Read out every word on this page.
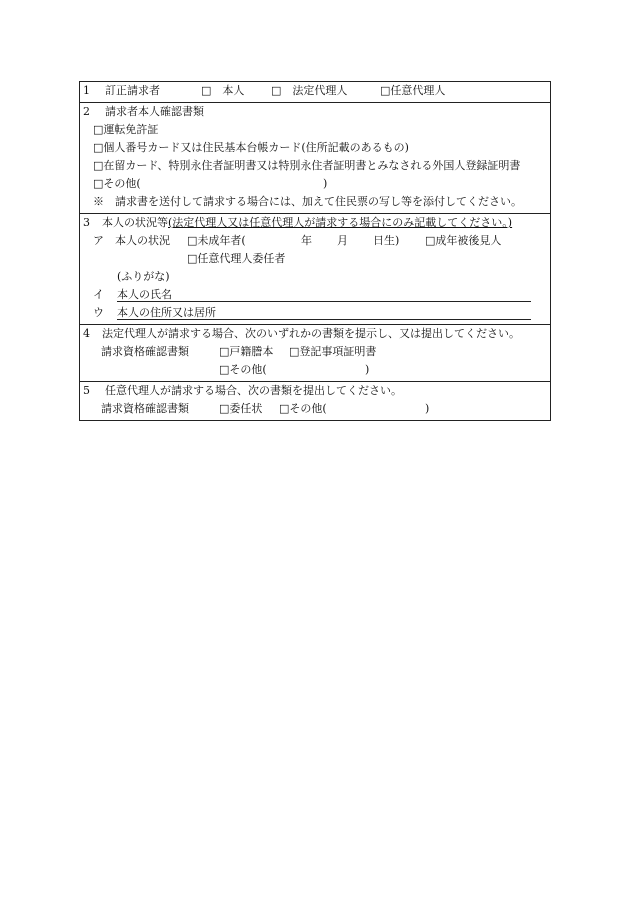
1 訂正請求者	□　本人 □　法定代理人	□任意代理人
2 請求者本人確認書類
□運転免許証
□個人番号カード又は住民基本台帳カード(住所記載のあるもの)
□在留カード、特別永住者証明書又は特別永住者証明書とみなされる外国人登録証明書
□その他(	)
※　請求書を送付して請求する場合には、加えて住民票の写し等を添付してください。
3 本人の状況等(法定代理人又は任意代理人が請求する場合にのみ記載してください。)
ア　本人の状況 □未成年者(	年 月 日生) □成年被後見人
□任意代理人委任者
(ふりがな)
イ 本人の氏名
ウ 本人の住所又は居所
4 法定代理人が請求する場合、次のいずれかの書類を提示し、又は提出してください。
請求資格確認書類	□戸籍謄本 □登記事項証明書
□その他(	)
5 任意代理人が請求する場合、次の書類を提出してください。
請求資格確認書類	□委任状 □その他(	)
